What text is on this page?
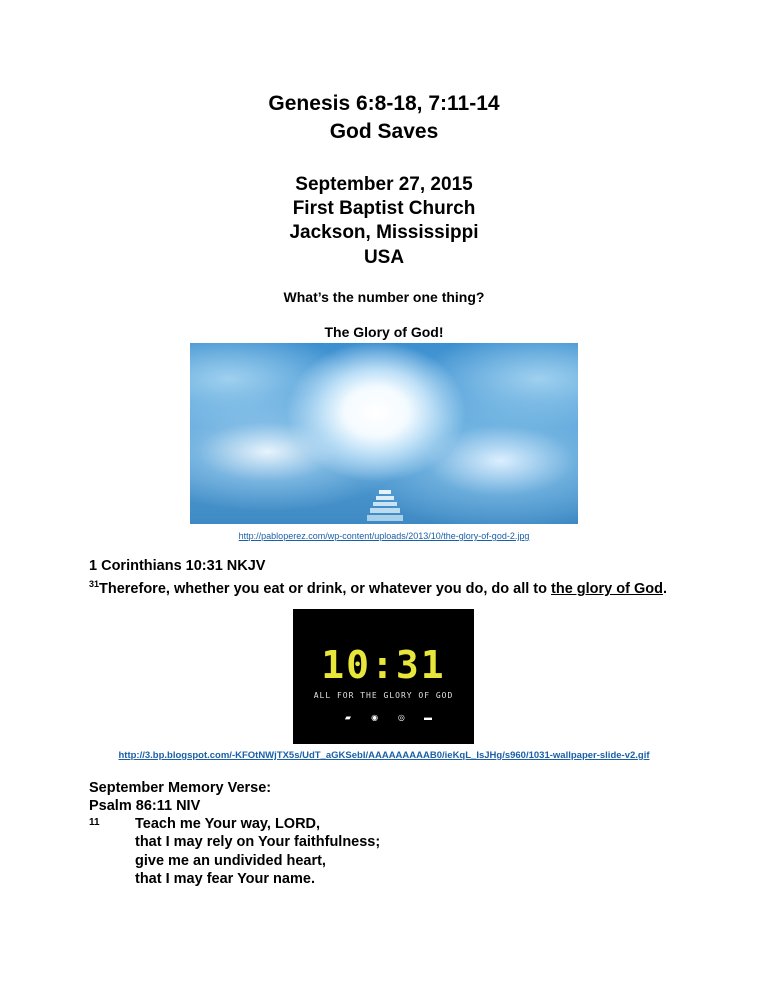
Genesis 6:8-18, 7:11-14
God Saves
September 27, 2015
First Baptist Church
Jackson, Mississippi
USA
What’s the number one thing?
The Glory of God!
http://pabloperez.com/wp-content/uploads/2013/10/the-glory-of-god-2.jpg
1 Corinthians 10:31 NKJV
$^{31}$Therefore, whether you eat or drink, or whatever you do, do all to the glory of God.
10:31
ALL FOR THE GLORY OF GOD
▰	◉ ◎ ▬
http://3.bp.blogspot.com/-KFOtNWjTX5s/UdT_aGKSebI/AAAAAAAAAB0/ieKqL_IsJHg/s960/1031-wallpaper-slide-v2.gif
September Memory Verse:
Psalm 86:11 NIV
11 Teach me Your way, LORD,
that I may rely on Your faithfulness;
give me an undivided heart,
that I may fear Your name.
